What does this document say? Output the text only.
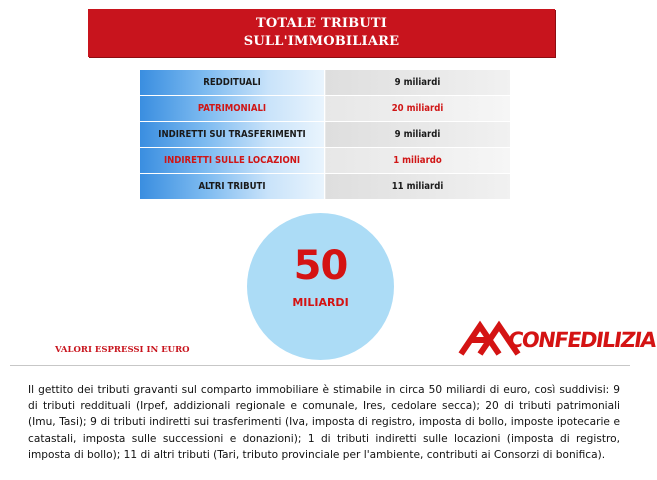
TOTALE TRIBUTI
SULL'IMMOBILIARE
REDDITUALI	9 miliardi
PATRIMONIALI	20 miliardi
INDIRETTI SUI TRASFERIMENTI	9 miliardi
INDIRETTI SULLE LOCAZIONI	1 miliardo
ALTRI TRIBUTI	11 miliardi
50
MILIARDI
VALORI ESPRESSI IN EURO	CONFEDILIZIA
Il gettito dei tributi gravanti sul comparto immobiliare è stimabile in circa 50 miliardi di euro, così suddivisi: 9 di tributi reddituali (Irpef, addizionali regionale e comunale, Ires, cedolare secca); 20 di tributi patrimoniali (Imu, Tasi); 9 di tributi indiretti sui trasferimenti (Iva, imposta di registro, imposta di bollo, imposte ipotecarie e catastali, imposta sulle successioni e donazioni); 1 di tributi indiretti sulle locazioni (imposta di registro, imposta di bollo); 11 di altri tributi (Tari, tributo provinciale per l'ambiente, contributi ai Consorzi di bonifica).
